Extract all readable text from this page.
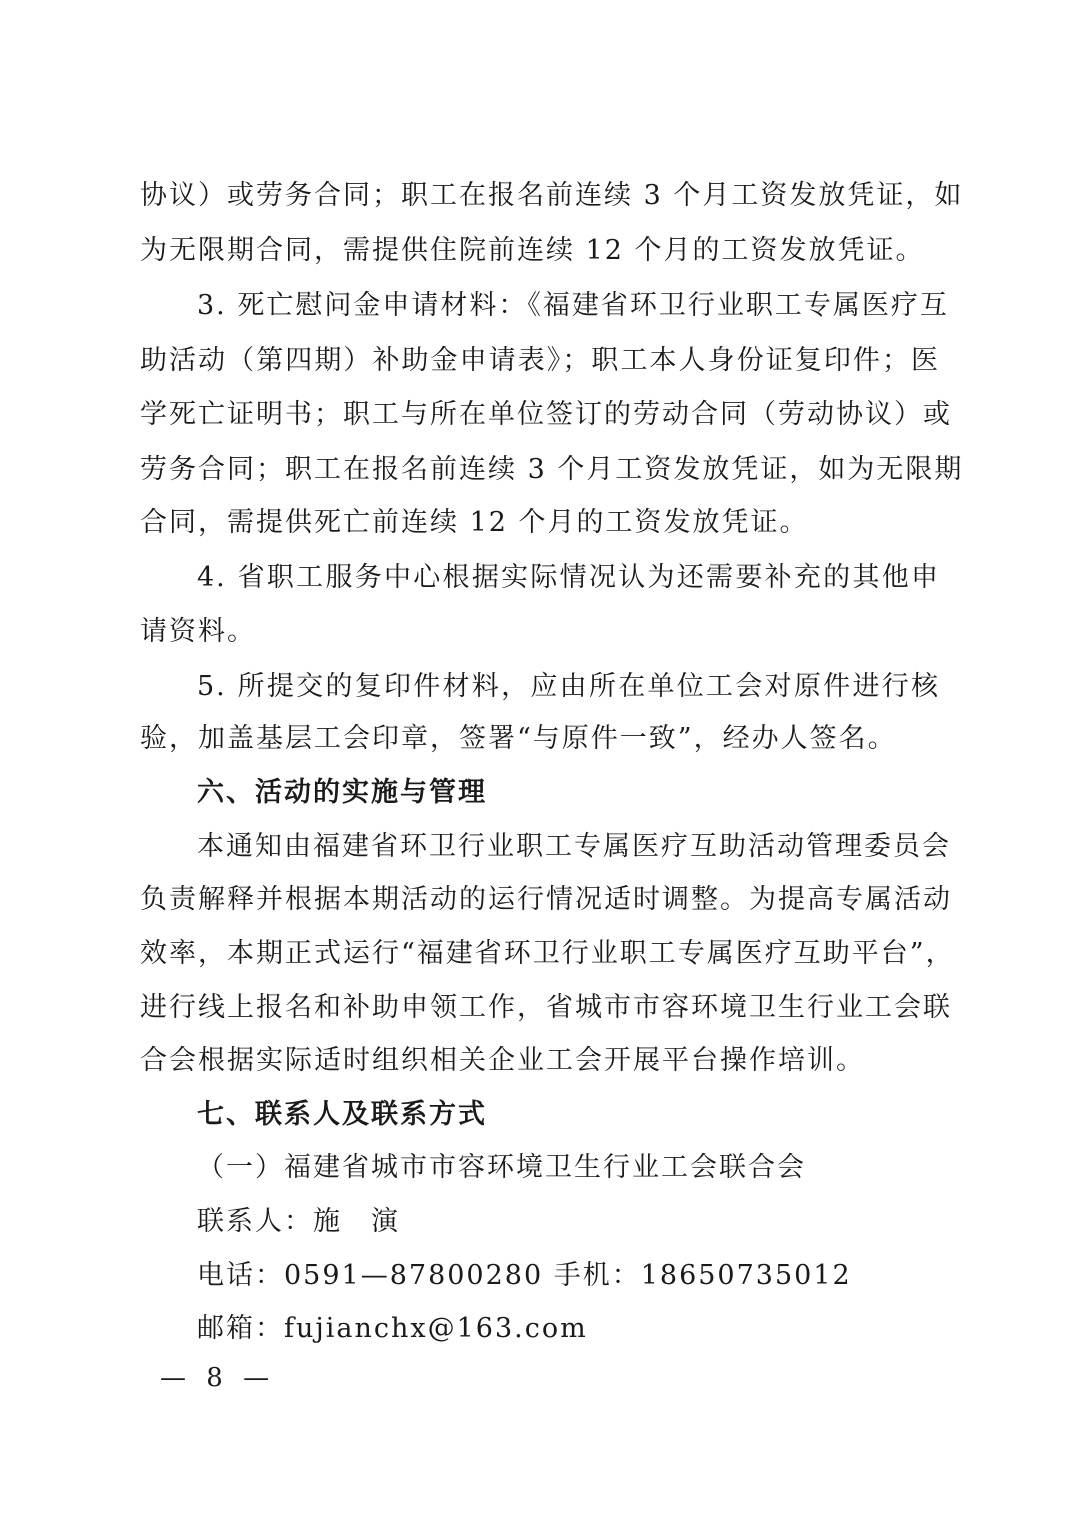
协议）或劳务合同；职工在报名前连续 3 个月工资发放凭证，如
为无限期合同，需提供住院前连续 12 个月的工资发放凭证。
3. 死亡慰问金申请材料：《福建省环卫行业职工专属医疗互
助活动（第四期）补助金申请表》；职工本人身份证复印件；医
学死亡证明书；职工与所在单位签订的劳动合同（劳动协议）或
劳务合同；职工在报名前连续 3 个月工资发放凭证，如为无限期
合同，需提供死亡前连续 12 个月的工资发放凭证。
4. 省职工服务中心根据实际情况认为还需要补充的其他申
请资料。
5. 所提交的复印件材料，应由所在单位工会对原件进行核
验，加盖基层工会印章，签署“与原件一致”，经办人签名。
六、活动的实施与管理
本通知由福建省环卫行业职工专属医疗互助活动管理委员会
负责解释并根据本期活动的运行情况适时调整。为提高专属活动
效率，本期正式运行“福建省环卫行业职工专属医疗互助平台”，
进行线上报名和补助申领工作，省城市市容环境卫生行业工会联
合会根据实际适时组织相关企业工会开展平台操作培训。
七、联系人及联系方式
（一）福建省城市市容环境卫生行业工会联合会
联系人：施　演
电话：0591—87800280 手机：18650735012
邮箱：fujianchx@163.com
— 8 —
